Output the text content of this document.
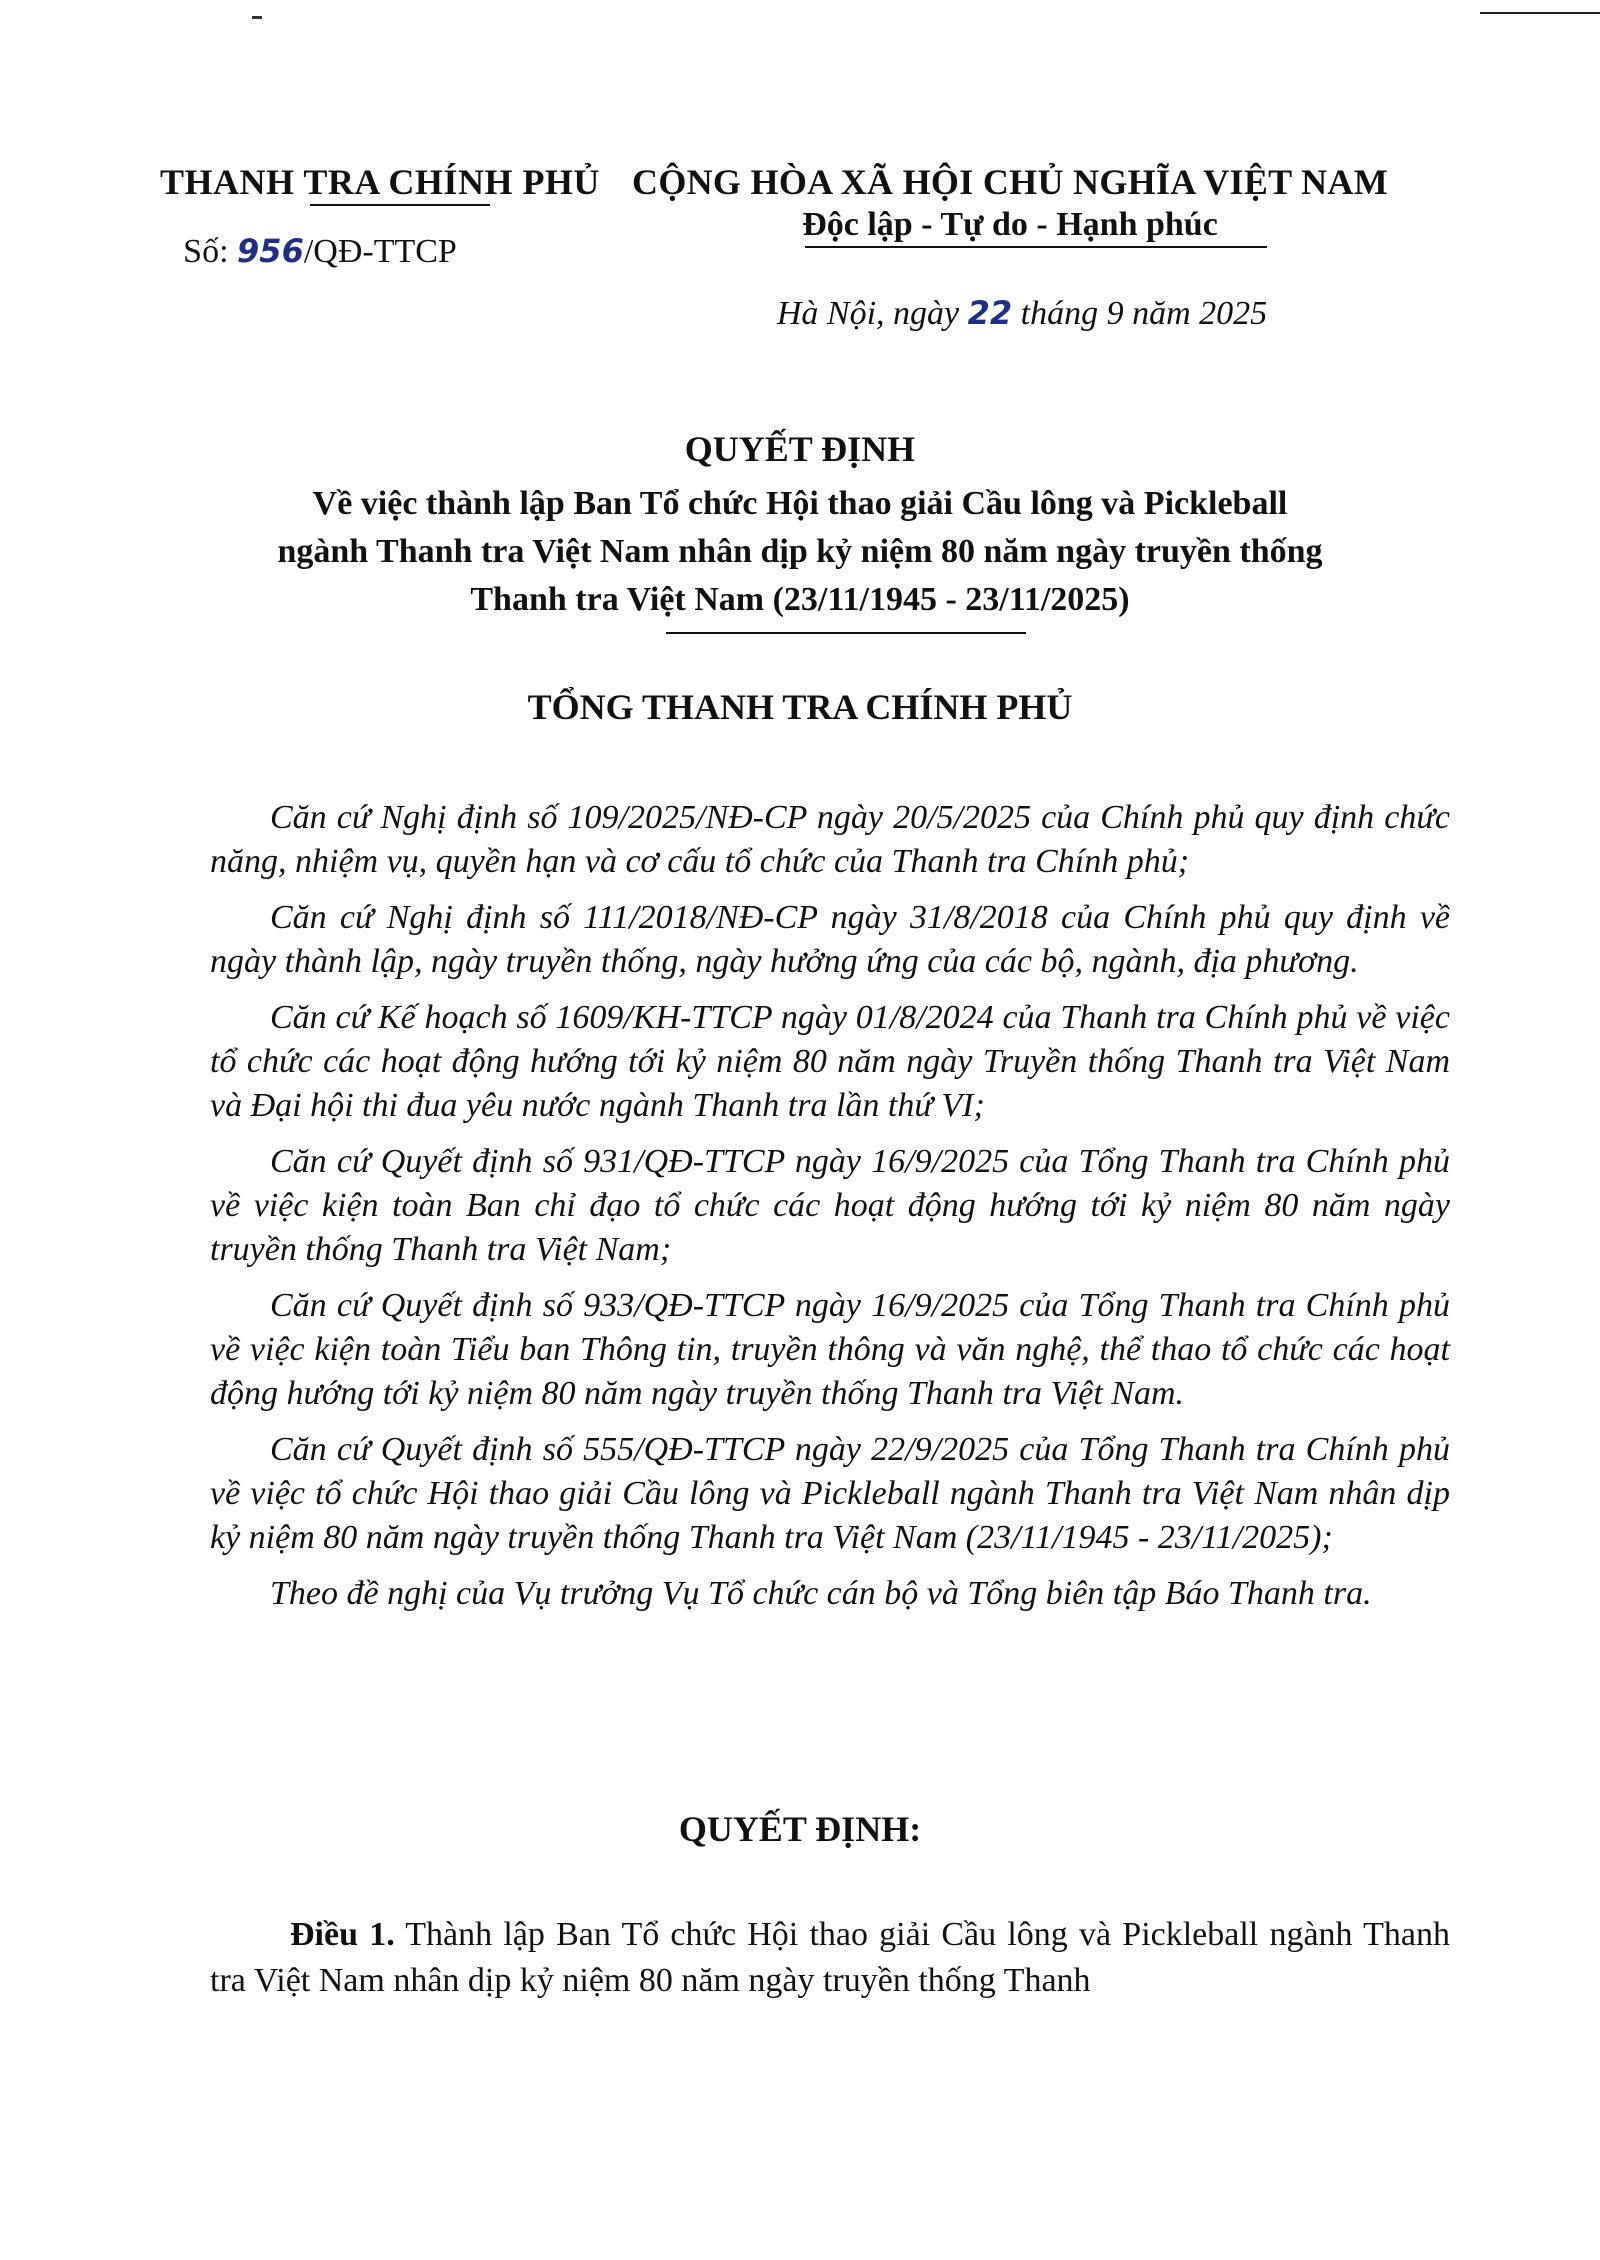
THANH TRA CHÍNH PHỦ
Số: 956/QĐ-TTCP
CỘNG HÒA XÃ HỘI CHỦ NGHĨA VIỆT NAM
Độc lập - Tự do - Hạnh phúc
Hà Nội, ngày 22 tháng 9 năm 2025
QUYẾT ĐỊNH
Về việc thành lập Ban Tổ chức Hội thao giải Cầu lông và Pickleball
ngành Thanh tra Việt Nam nhân dịp kỷ niệm 80 năm ngày truyền thống
Thanh tra Việt Nam (23/11/1945 - 23/11/2025)
TỔNG THANH TRA CHÍNH PHỦ

Căn cứ Nghị định số 109/2025/NĐ-CP ngày 20/5/2025 của Chính phủ quy định chức năng, nhiệm vụ, quyền hạn và cơ cấu tổ chức của Thanh tra Chính phủ;

Căn cứ Nghị định số 111/2018/NĐ-CP ngày 31/8/2018 của Chính phủ quy định về ngày thành lập, ngày truyền thống, ngày hưởng ứng của các bộ, ngành, địa phương.

Căn cứ Kế hoạch số 1609/KH-TTCP ngày 01/8/2024 của Thanh tra Chính phủ về việc tổ chức các hoạt động hướng tới kỷ niệm 80 năm ngày Truyền thống Thanh tra Việt Nam và Đại hội thi đua yêu nước ngành Thanh tra lần thứ VI;

Căn cứ Quyết định số 931/QĐ-TTCP ngày 16/9/2025 của Tổng Thanh tra Chính phủ về việc kiện toàn Ban chỉ đạo tổ chức các hoạt động hướng tới kỷ niệm 80 năm ngày truyền thống Thanh tra Việt Nam;

Căn cứ Quyết định số 933/QĐ-TTCP ngày 16/9/2025 của Tổng Thanh tra Chính phủ về việc kiện toàn Tiểu ban Thông tin, truyền thông và văn nghệ, thể thao tổ chức các hoạt động hướng tới kỷ niệm 80 năm ngày truyền thống Thanh tra Việt Nam.

Căn cứ Quyết định số 555/QĐ-TTCP ngày 22/9/2025 của Tổng Thanh tra Chính phủ về việc tổ chức Hội thao giải Cầu lông và Pickleball ngành Thanh tra Việt Nam nhân dịp kỷ niệm 80 năm ngày truyền thống Thanh tra Việt Nam (23/11/1945 - 23/11/2025);

Theo đề nghị của Vụ trưởng Vụ Tổ chức cán bộ và Tổng biên tập Báo Thanh tra.

QUYẾT ĐỊNH:
Điều 1. Thành lập Ban Tổ chức Hội thao giải Cầu lông và Pickleball ngành Thanh tra Việt Nam nhân dịp kỷ niệm 80 năm ngày truyền thống Thanh
